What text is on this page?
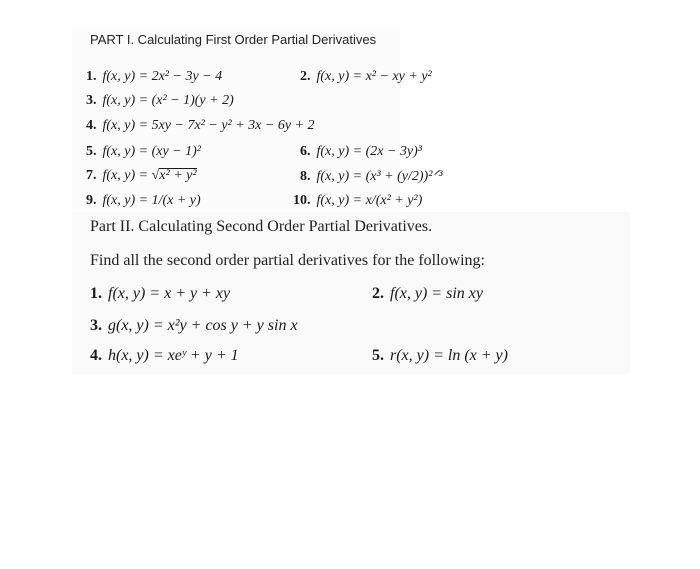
PART I. Calculating First Order Partial Derivatives
1. f(x, y) = 2x² − 3y − 4	2. f(x, y) = x² − xy + y²
3. f(x, y) = (x² − 1)(y + 2)
4. f(x, y) = 5xy − 7x² − y² + 3x − 6y + 2
5. f(x, y) = (xy − 1)²	6. f(x, y) = (2x − 3y)³
7. f(x, y) = √x² + y²	8. f(x, y) = (x³ + (y/2))²ᐟ³
9. f(x, y) = 1/(x + y)	10. f(x, y) = x/(x² + y²)
Part II. Calculating Second Order Partial Derivatives.
Find all the second order partial derivatives for the following:
1. f(x, y) = x + y + xy	2. f(x, y) = sin xy
3. g(x, y) = x²y + cos y + y sin x
4. h(x, y) = xeʸ + y + 1	5. r(x, y) = ln (x + y)
